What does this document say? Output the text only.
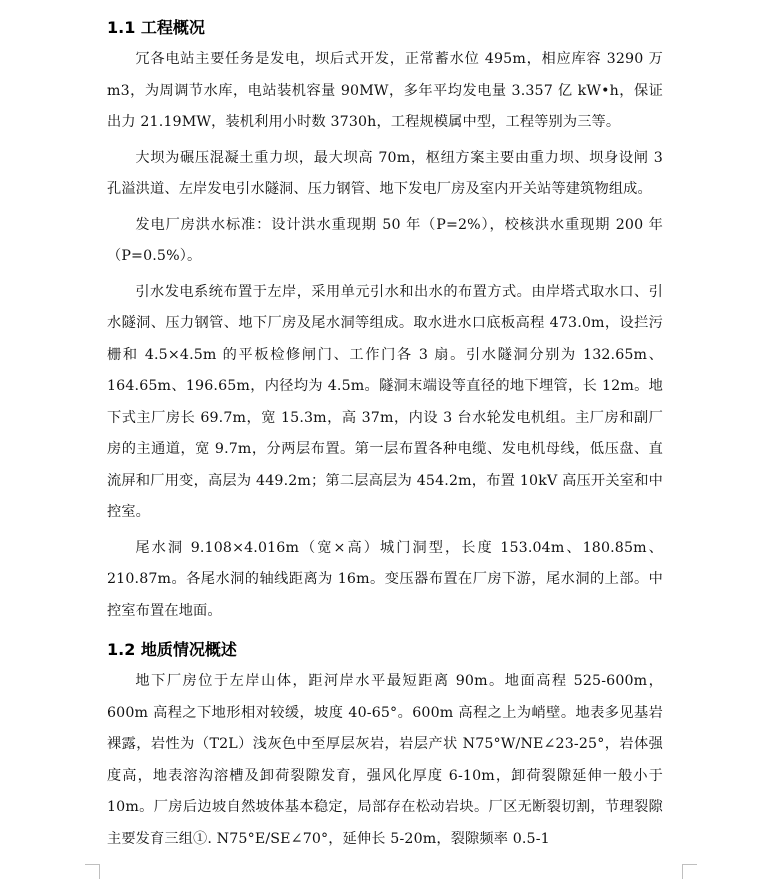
1.1 工程概况

冗各电站主要任务是发电，坝后式开发，正常蓄水位 495m，相应库容 3290 万 m3，为周调节水库，电站装机容量 90MW，多年平均发电量 3.357 亿 kW•h，保证出力 21.19MW，装机利用小时数 3730h，工程规模属中型，工程等别为三等。

大坝为碾压混凝土重力坝，最大坝高 70m，枢纽方案主要由重力坝、坝身设闸 3 孔溢洪道、左岸发电引水隧洞、压力钢管、地下发电厂房及室内开关站等建筑物组成。

发电厂房洪水标准：设计洪水重现期 50 年（P=2%），校核洪水重现期 200 年（P=0.5%）。

引水发电系统布置于左岸，采用单元引水和出水的布置方式。由岸塔式取水口、引水隧洞、压力钢管、地下厂房及尾水洞等组成。取水进水口底板高程 473.0m，设拦污栅和 4.5×4.5m 的平板检修闸门、工作门各 3 扇。引水隧洞分别为 132.65m、164.65m、196.65m，内径均为 4.5m。隧洞末端设等直径的地下埋管，长 12m。地下式主厂房长 69.7m，宽 15.3m，高 37m，内设 3 台水轮发电机组。主厂房和副厂房的主通道，宽 9.7m，分两层布置。第一层布置各种电缆、发电机母线，低压盘、直流屏和厂用变，高层为 449.2m；第二层高层为 454.2m，布置 10kV 高压开关室和中控室。

尾水洞 9.108×4.016m（宽×高）城门洞型，长度 153.04m、180.85m、210.87m。各尾水洞的轴线距离为 16m。变压器布置在厂房下游，尾水洞的上部。中控室布置在地面。

1.2 地质情况概述

地下厂房位于左岸山体，距河岸水平最短距离 90m。地面高程 525-600m，600m 高程之下地形相对较缓，坡度 40-65°。600m 高程之上为峭壁。地表多见基岩裸露，岩性为（T2L）浅灰色中至厚层灰岩，岩层产状 N75°W/NE∠23-25°，岩体强度高，地表溶沟溶槽及卸荷裂隙发育，强风化厚度 6-10m，卸荷裂隙延伸一般小于 10m。厂房后边坡自然坡体基本稳定，局部存在松动岩块。厂区无断裂切割，节理裂隙主要发育三组①. N75°E/SE∠70°，延伸长 5-20m，裂隙频率 0.5-1
